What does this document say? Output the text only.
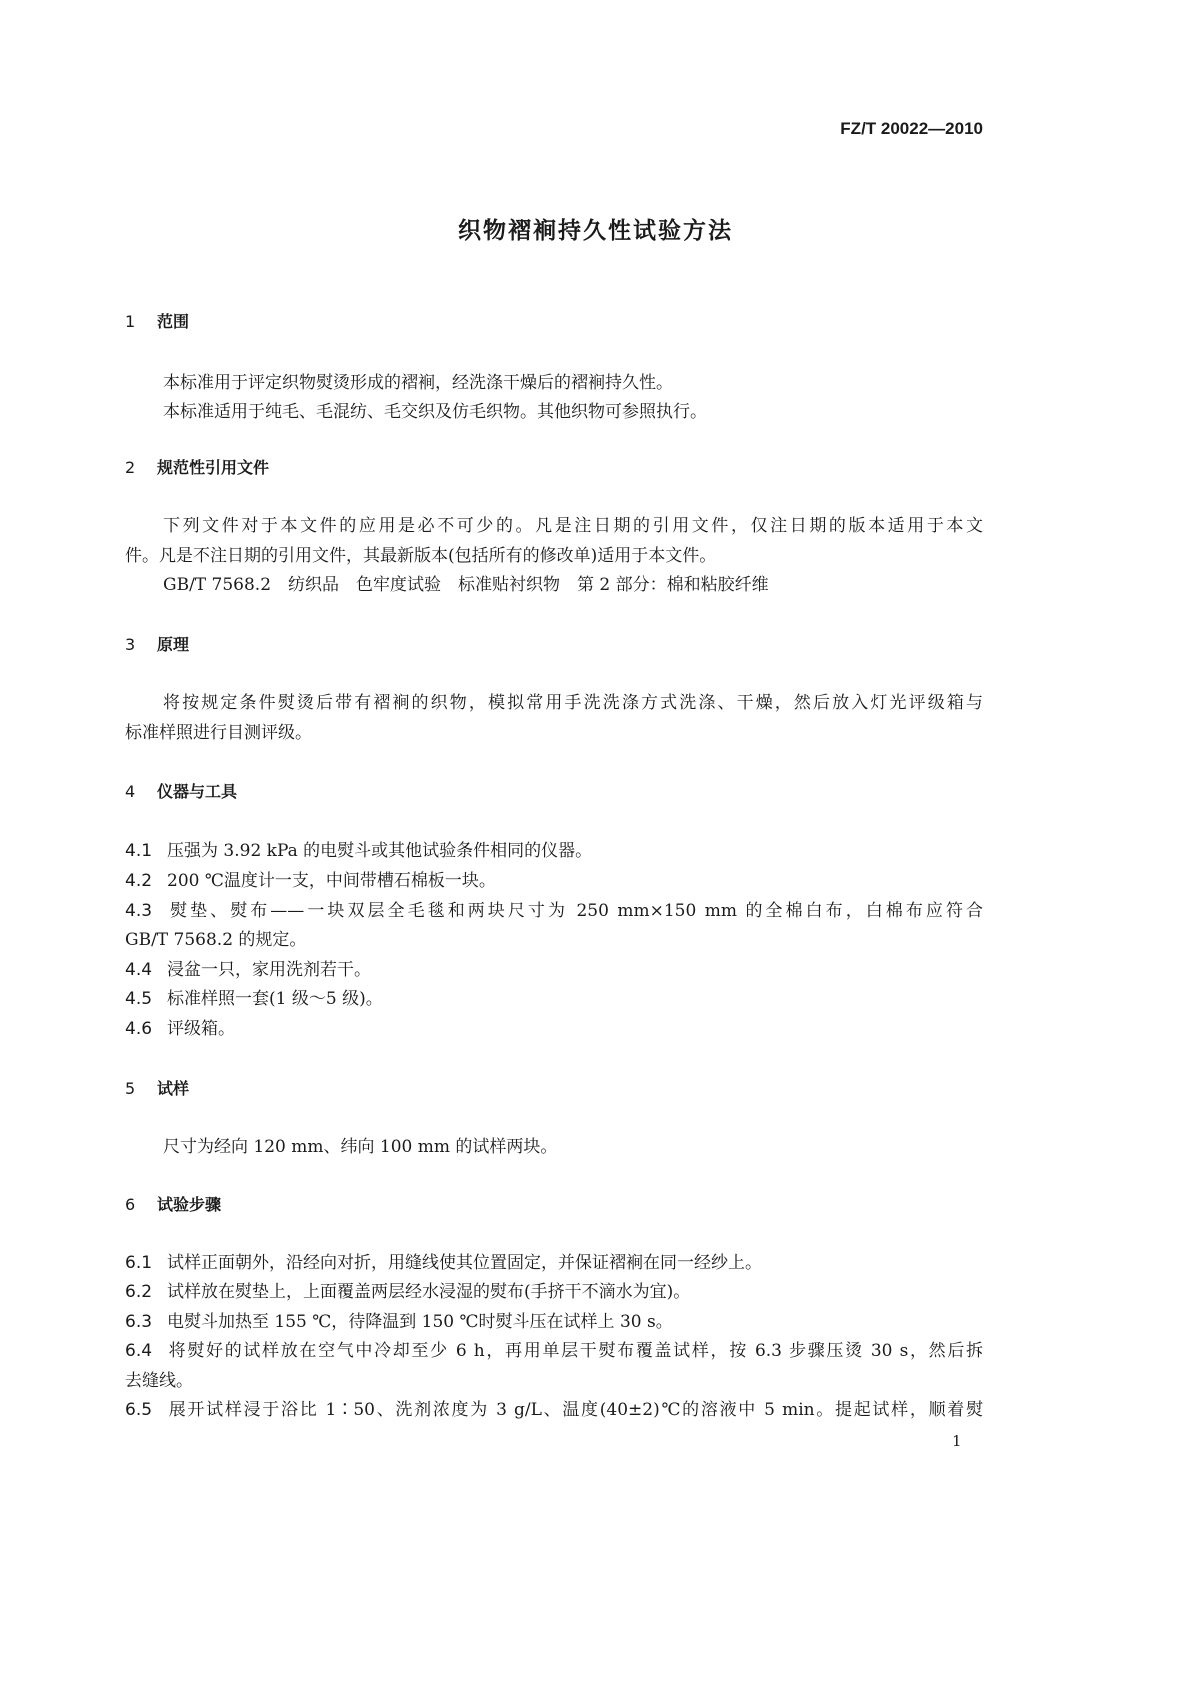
FZ/T 20022—2010
织物褶裥持久性试验方法
1 范围
本标准用于评定织物熨烫形成的褶裥，经洗涤干燥后的褶裥持久性。
本标准适用于纯毛、毛混纺、毛交织及仿毛织物。其他织物可参照执行。
2 规范性引用文件
下列文件对于本文件的应用是必不可少的。凡是注日期的引用文件，仅注日期的版本适用于本文
件。凡是不注日期的引用文件，其最新版本(包括所有的修改单)适用于本文件。
GB/T 7568.2　纺织品　色牢度试验　标准贴衬织物　第 2 部分：棉和粘胶纤维
3 原理
将按规定条件熨烫后带有褶裥的织物，模拟常用手洗洗涤方式洗涤、干燥，然后放入灯光评级箱与
标准样照进行目测评级。
4 仪器与工具
4.1 压强为 3.92 kPa 的电熨斗或其他试验条件相同的仪器。
4.2 200 ℃温度计一支，中间带槽石棉板一块。
4.3 熨垫、熨布——一块双层全毛毯和两块尺寸为 250 mm×150 mm 的全棉白布，白棉布应符合
GB/T 7568.2 的规定。
4.4 浸盆一只，家用洗剂若干。
4.5 标准样照一套(1 级～5 级)。
4.6 评级箱。
5 试样
尺寸为经向 120 mm、纬向 100 mm 的试样两块。
6 试验步骤
6.1 试样正面朝外，沿经向对折，用缝线使其位置固定，并保证褶裥在同一经纱上。
6.2 试样放在熨垫上，上面覆盖两层经水浸湿的熨布(手挤干不滴水为宜)。
6.3 电熨斗加热至 155 ℃，待降温到 150 ℃时熨斗压在试样上 30 s。
6.4 将熨好的试样放在空气中冷却至少 6 h，再用单层干熨布覆盖试样，按 6.3 步骤压烫 30 s，然后拆
去缝线。
6.5 展开试样浸于浴比 1∶50、洗剂浓度为 3 g/L、温度(40±2)℃的溶液中 5 min。提起试样，顺着熨
1
